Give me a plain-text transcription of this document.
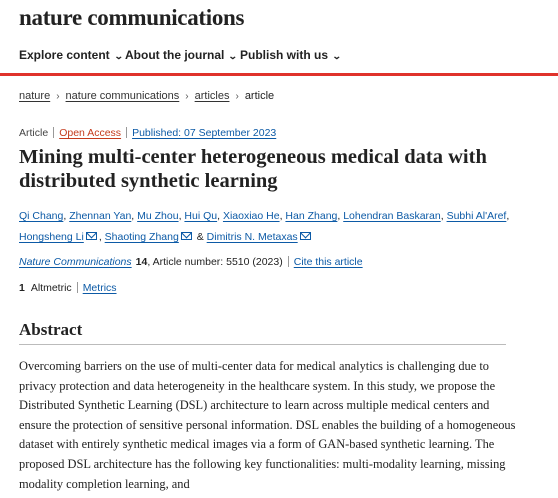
nature communications
Explore content ⌄ About the journal ⌄ Publish with us ⌄
nature › nature communications › articles › article
Article Open Access Published: 07 September 2023
Mining multi-center heterogeneous medical data with distributed synthetic learning
Qi Chang, Zhennan Yan, Mu Zhou, Hui Qu, Xiaoxiao He, Han Zhang, Lohendran Baskaran, Subhi Al'Aref, Hongsheng Li , Shaoting Zhang & Dimitris N. Metaxas
Nature Communications 14, Article number: 5510 (2023) Cite this article
1 Altmetric Metrics
Abstract

Overcoming barriers on the use of multi-center data for medical analytics is challenging due to privacy protection and data heterogeneity in the healthcare system. In this study, we propose the Distributed Synthetic Learning (DSL) architecture to learn across multiple medical centers and ensure the protection of sensitive personal information. DSL enables the building of a homogeneous dataset with entirely synthetic medical images via a form of GAN-based synthetic learning. The proposed DSL architecture has the following key functionalities: multi-modality learning, missing modality completion learning, and
